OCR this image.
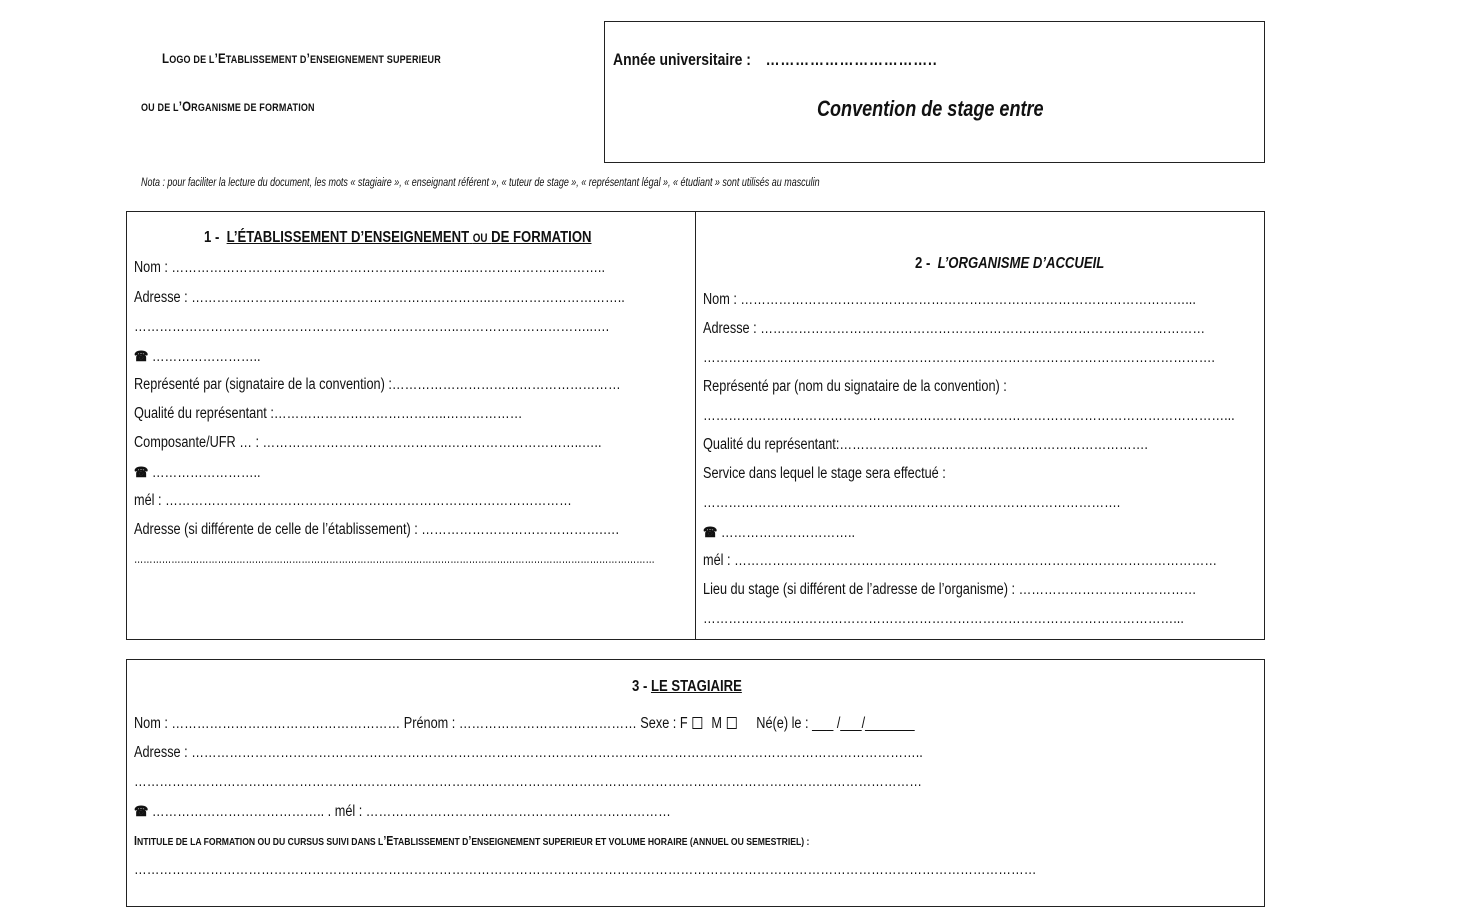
LOGO DE L’ETABLISSEMENT D’ENSEIGNEMENT SUPERIEUR
OU DE L’ORGANISME DE FORMATION
Année universitaire : ……………………………..
Convention de stage entre
Nota : pour faciliter la lecture du document, les mots « stagiaire », « enseignant référent », « tuteur de stage », « représentant légal », « étudiant » sont utilisés au masculin
1 - L’ÉTABLISSEMENT D’ENSEIGNEMENT OU DE FORMATION
Nom : ……………………………………………………………..…………………………..
Adresse : ……………………………………………………………..…………………………..
…………………………………………………………………..…………………………..….
☎ ……………………..
Représenté par (signataire de la convention) :………………………………………………
Qualité du représentant :…………………………………..………………
Composante/UFR … : ……………………………………..…………………………..…..
☎ ……………………..
mél : ……………………………………………………………………………………
Adresse (si différente de celle de l’établissement) : …………………………………….….
……………………………………………………………………………………………………………………………………………………
2 - L’ORGANISME D’ACCUEIL
Nom : ……………………………………………………………………………………………...
Adresse : ……………………………………………………………………………………………
………………………………………………………………………………………………………….
Représenté par (nom du signataire de la convention) :
……………………………………………………………………………………………………………...
Qualité du représentant:……………………………………………………………….
Service dans lequel le stage sera effectué :
…………………………………………..………………………………………….
☎ …………………………..
mél : ……………………………………………………………………………………………………
Lieu du stage (si différent de l’adresse de l’organisme) : ……………………………………
…………………………………………………………………………………………………...
3 - LE STAGIAIRE
Nom : ……………………………………………… Prénom : …………………………………… Sexe : F M Né(e) le : ___ /___/_______
Adresse : ………………………………………………………………………………………………………………………………………………………..
……………………………………………………………………………………………………………………………………………………………………
☎ ………………………………….. . mél : ………………………………………………………………
INTITULE DE LA FORMATION OU DU CURSUS SUIVI DANS L’ETABLISSEMENT D’ENSEIGNEMENT SUPERIEUR ET VOLUME HORAIRE (ANNUEL OU SEMESTRIEL) :
……………………………………………………………………………………………………………………………………………………………………………………………
